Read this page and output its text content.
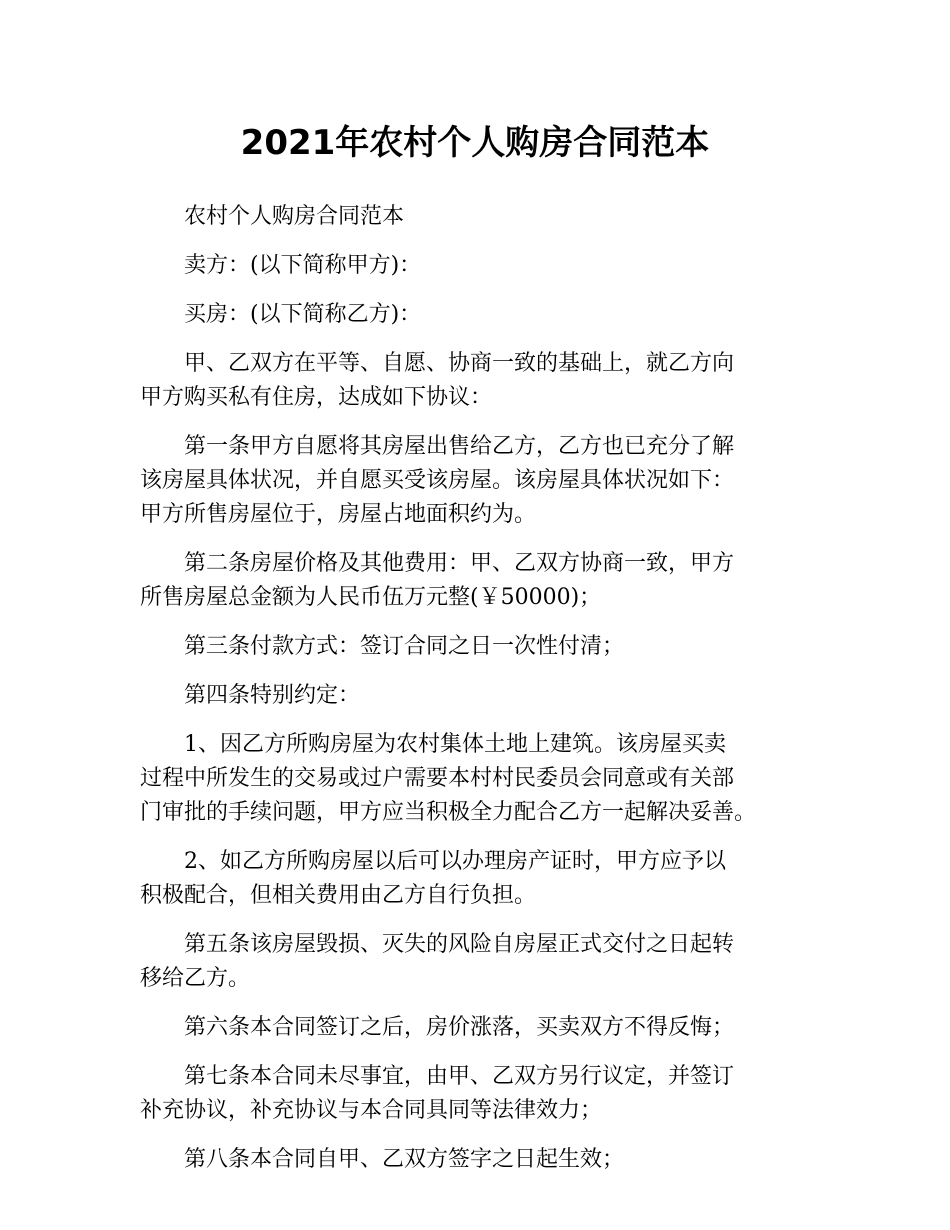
2021年农村个人购房合同范本

农村个人购房合同范本

卖方：(以下简称甲方)：

买房：(以下简称乙方)：

甲、乙双方在平等、自愿、协商一致的基础上，就乙方向
甲方购买私有住房，达成如下协议：

第一条甲方自愿将其房屋出售给乙方，乙方也已充分了解
该房屋具体状况，并自愿买受该房屋。该房屋具体状况如下：
甲方所售房屋位于，房屋占地面积约为。

第二条房屋价格及其他费用：甲、乙双方协商一致，甲方
所售房屋总金额为人民币伍万元整(￥50000)；

第三条付款方式：签订合同之日一次性付清；

第四条特别约定：

1、因乙方所购房屋为农村集体土地上建筑。该房屋买卖
过程中所发生的交易或过户需要本村村民委员会同意或有关部
门审批的手续问题，甲方应当积极全力配合乙方一起解决妥善。

2、如乙方所购房屋以后可以办理房产证时，甲方应予以
积极配合，但相关费用由乙方自行负担。

第五条该房屋毁损、灭失的风险自房屋正式交付之日起转
移给乙方。

第六条本合同签订之后，房价涨落，买卖双方不得反悔；

第七条本合同未尽事宜，由甲、乙双方另行议定，并签订
补充协议，补充协议与本合同具同等法律效力；

第八条本合同自甲、乙双方签字之日起生效；
